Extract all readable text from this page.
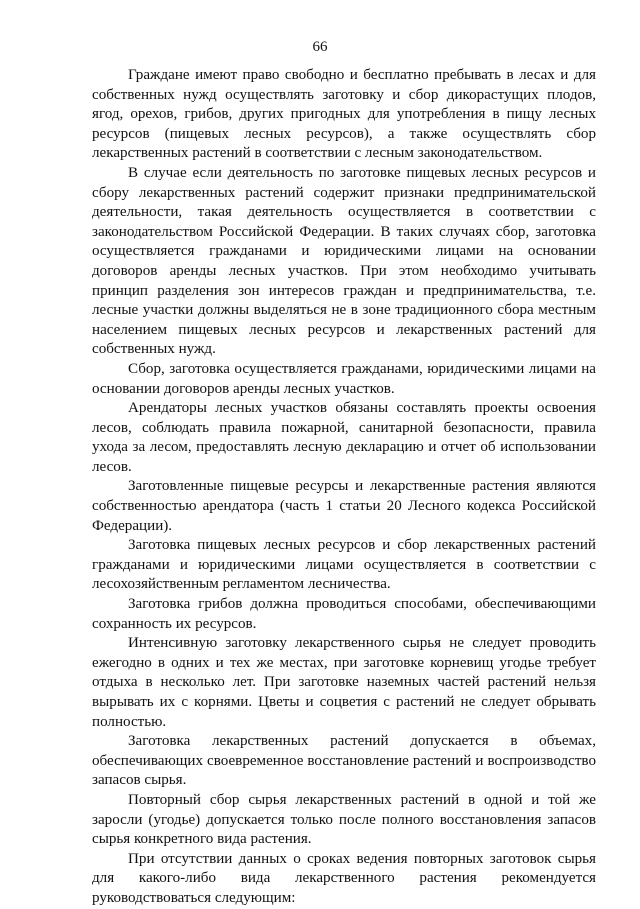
66

Граждане имеют право свободно и бесплатно пребывать в лесах и для собственных нужд осуществлять заготовку и сбор дикорастущих плодов, ягод, орехов, грибов, других пригодных для употребления в пищу лесных ресурсов (пищевых лесных ресурсов), а также осуществлять сбор лекарственных растений в соответствии с лесным законодательством.

В случае если деятельность по заготовке пищевых лесных ресурсов и сбору лекарственных растений содержит признаки предпринимательской деятельности, такая деятельность осуществляется в соответствии с законодательством Российской Федерации. В таких случаях сбор, заготовка осуществляется гражданами и юридическими лицами на основании договоров аренды лесных участков. При этом необходимо учитывать принцип разделения зон интересов граждан и предпринимательства, т.е. лесные участки должны выделяться не в зоне традиционного сбора местным населением пищевых лесных ресурсов и лекарственных растений для собственных нужд.

Сбор, заготовка осуществляется гражданами, юридическими лицами на основании договоров аренды лесных участков.

Арендаторы лесных участков обязаны составлять проекты освоения лесов, соблюдать правила пожарной, санитарной безопасности, правила ухода за лесом, предоставлять лесную декларацию и отчет об использовании лесов.

Заготовленные пищевые ресурсы и лекарственные растения являются собственностью арендатора (часть 1 статьи 20 Лесного кодекса Российской Федерации).

Заготовка пищевых лесных ресурсов и сбор лекарственных растений гражданами и юридическими лицами осуществляется в соответствии с лесохозяйственным регламентом лесничества.

Заготовка грибов должна проводиться способами, обеспечивающими сохранность их ресурсов.

Интенсивную заготовку лекарственного сырья не следует проводить ежегодно в одних и тех же местах, при заготовке корневищ угодье требует отдыха в несколько лет. При заготовке наземных частей растений нельзя вырывать их с корнями. Цветы и соцветия с растений не следует обрывать полностью.

Заготовка лекарственных растений допускается в объемах, обеспечивающих своевременное восстановление растений и воспроизводство запасов сырья.

Повторный сбор сырья лекарственных растений в одной и той же заросли (угодье) допускается только после полного восстановления запасов сырья конкретного вида растения.

При отсутствии данных о сроках ведения повторных заготовок сырья для какого-либо вида лекарственного растения рекомендуется руководствоваться следующим:
